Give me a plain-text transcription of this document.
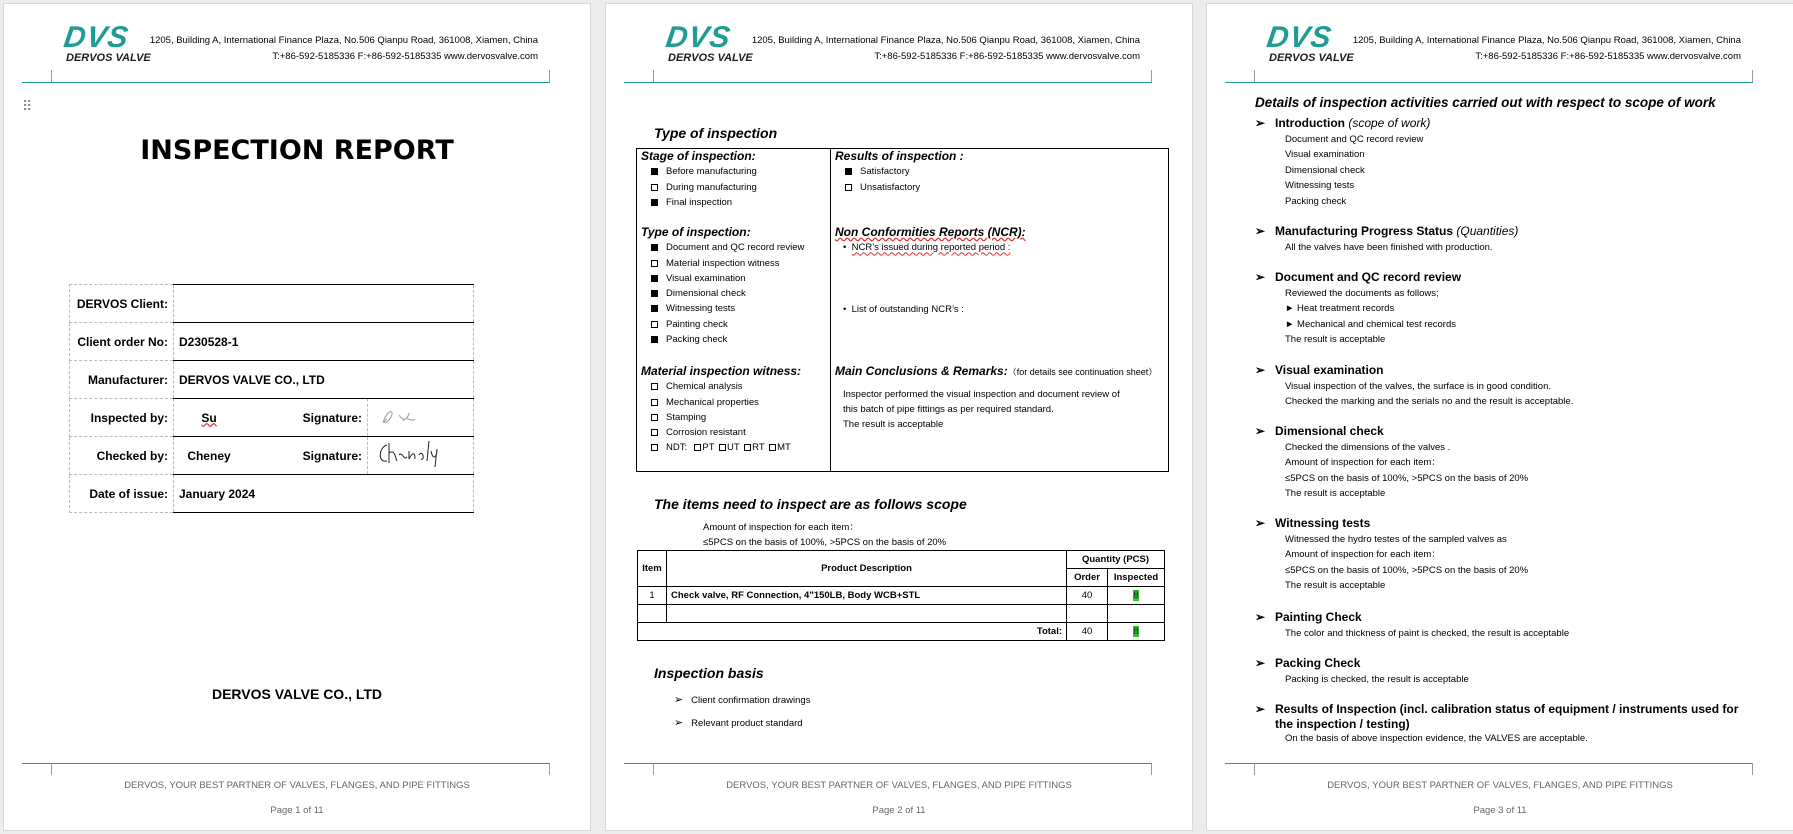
DVS
DERVOS VALVE
1205, Building A, International Finance Plaza, No.506 Qianpu Road, 361008, Xiamen, China
T:+86-592-5185336 F:+86-592-5185335 www.dervosvalve.com
⠿
INSPECTION REPORT
DERVOS Client:			
Client order No:	D230528-1		
Manufacturer:	DERVOS VALVE CO., LTD		
Inspected by:	Su	Signature:	
Checked by:	Cheney	Signature:	
Date of issue:	January 2024		
DERVOS VALVE CO., LTD
DERVOS, YOUR BEST PARTNER OF VALVES, FLANGES, AND PIPE FITTINGS
Page 1 of 11
DVS
DERVOS VALVE
1205, Building A, International Finance Plaza, No.506 Qianpu Road, 361008, Xiamen, China
T:+86-592-5185336 F:+86-592-5185335 www.dervosvalve.com
Type of inspection
Stage of inspection:
Before manufacturing
During manufacturing
Final inspection
Type of inspection:
Document and QC record review
Material inspection witness
Visual examination
Dimensional check
Witnessing tests
Painting check
Packing check
Material inspection witness:
Chemical analysis
Mechanical properties
Stamping
Corrosion resistant
NDT: PT UT RT MT
Results of inspection :
Satisfactory
Unsatisfactory
Non Conformities Reports (NCR):
•  NCR’s issued during reported period :
•  List of outstanding NCR’s :
Main Conclusions & Remarks:（for details see continuation sheet）
Inspector performed the visual inspection and document review of
this batch of pipe fittings as per required standard.
The result is acceptable
The items need to inspect are as follows scope
Amount of inspection for each item：
≤5PCS on the basis of 100%, >5PCS on the basis of 20%
Item	Product Description	Quantity (PCS)	
		Order	Inspected
1	Check valve, RF Connection, 4"150LB, Body WCB+STL	40	8

Total:		40	8
Inspection basis
➢ Client confirmation drawings
➢ Relevant product standard
DERVOS, YOUR BEST PARTNER OF VALVES, FLANGES, AND PIPE FITTINGS
Page 2 of 11
DVS
DERVOS VALVE
1205, Building A, International Finance Plaza, No.506 Qianpu Road, 361008, Xiamen, China
T:+86-592-5185336 F:+86-592-5185335 www.dervosvalve.com
Details of inspection activities carried out with respect to scope of work
➢ Introduction (scope of work)
Document and QC record review
Visual examination
Dimensional check
Witnessing tests
Packing check
➢ Manufacturing Progress Status (Quantities)
All the valves have been finished with production.
➢ Document and QC record review
Reviewed the documents as follows;
► Heat treatment records
► Mechanical and chemical test records
The result is acceptable
➢ Visual examination
Visual inspection of the valves, the surface is in good condition.
Checked the marking and the serials no and the result is acceptable.
➢ Dimensional check
Checked the dimensions of the valves .
Amount of inspection for each item：
≤5PCS on the basis of 100%, >5PCS on the basis of 20%
The result is acceptable
➢ Witnessing tests
Witnessed the hydro testes of the sampled valves as
Amount of inspection for each item：
≤5PCS on the basis of 100%, >5PCS on the basis of 20%
The result is acceptable
➢ Painting Check
The color and thickness of paint is checked, the result is acceptable
➢ Packing Check
Packing is checked, the result is acceptable
➢ Results of Inspection (incl. calibration status of equipment / instruments used for the inspection / testing)
On the basis of above inspection evidence, the VALVES are acceptable.
DERVOS, YOUR BEST PARTNER OF VALVES, FLANGES, AND PIPE FITTINGS
Page 3 of 11
